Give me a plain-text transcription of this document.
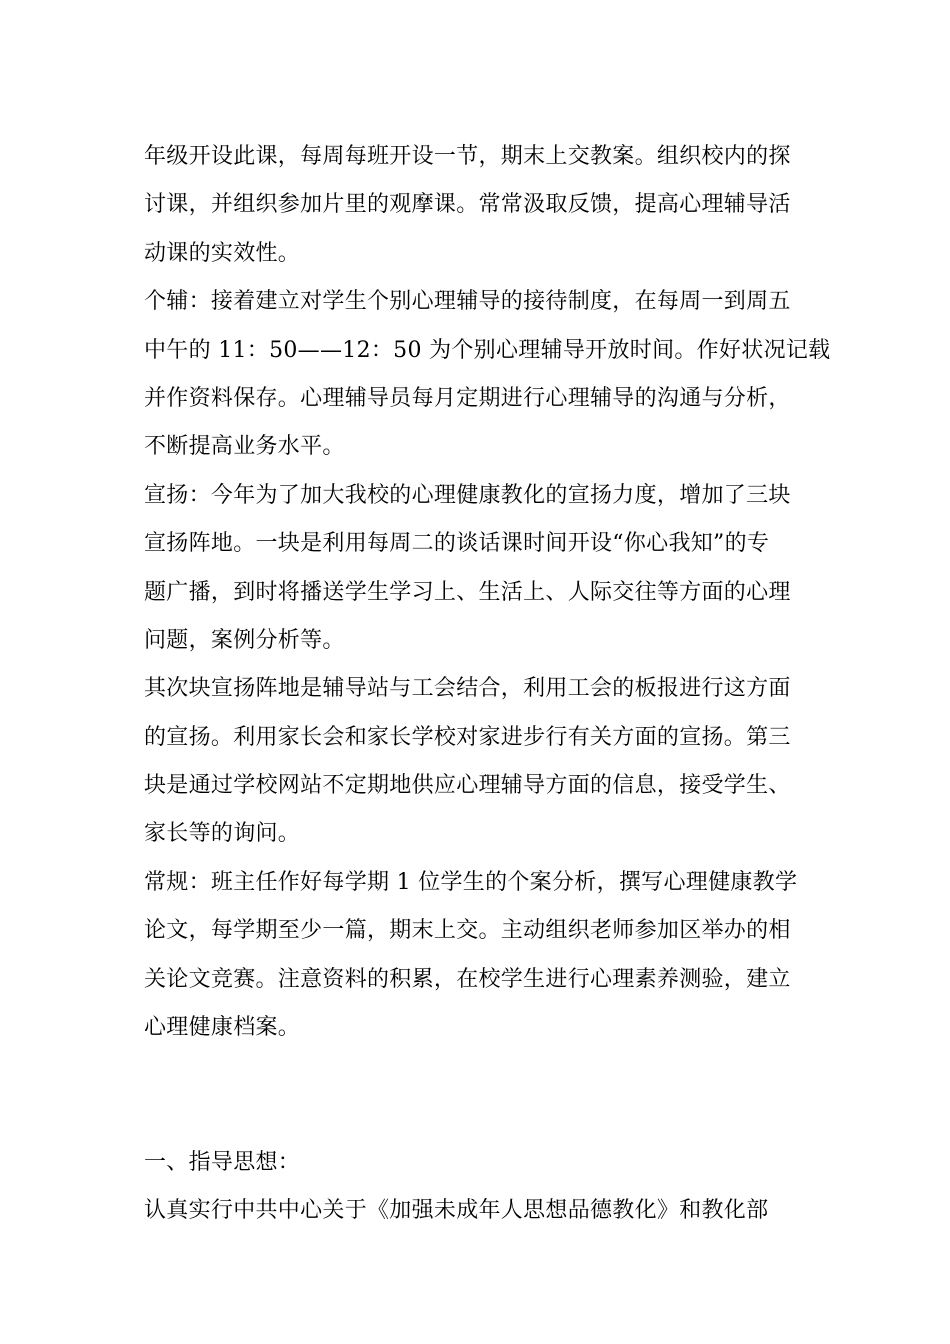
年级开设此课，每周每班开设一节，期末上交教案。组织校内的探
讨课，并组织参加片里的观摩课。常常汲取反馈，提高心理辅导活
动课的实效性。
个辅：接着建立对学生个别心理辅导的接待制度，在每周一到周五
中午的 11：50——12：50 为个别心理辅导开放时间。作好状况记载
并作资料保存。心理辅导员每月定期进行心理辅导的沟通与分析，
不断提高业务水平。
宣扬：今年为了加大我校的心理健康教化的宣扬力度，增加了三块
宣扬阵地。一块是利用每周二的谈话课时间开设“你心我知”的专
题广播，到时将播送学生学习上、生活上、人际交往等方面的心理
问题，案例分析等。
其次块宣扬阵地是辅导站与工会结合，利用工会的板报进行这方面
的宣扬。利用家长会和家长学校对家进步行有关方面的宣扬。第三
块是通过学校网站不定期地供应心理辅导方面的信息，接受学生、
家长等的询问。
常规：班主任作好每学期 1 位学生的个案分析，撰写心理健康教学
论文，每学期至少一篇，期末上交。主动组织老师参加区举办的相
关论文竞赛。注意资料的积累，在校学生进行心理素养测验，建立
心理健康档案。
一、指导思想：
认真实行中共中心关于《加强未成年人思想品德教化》和教化部
